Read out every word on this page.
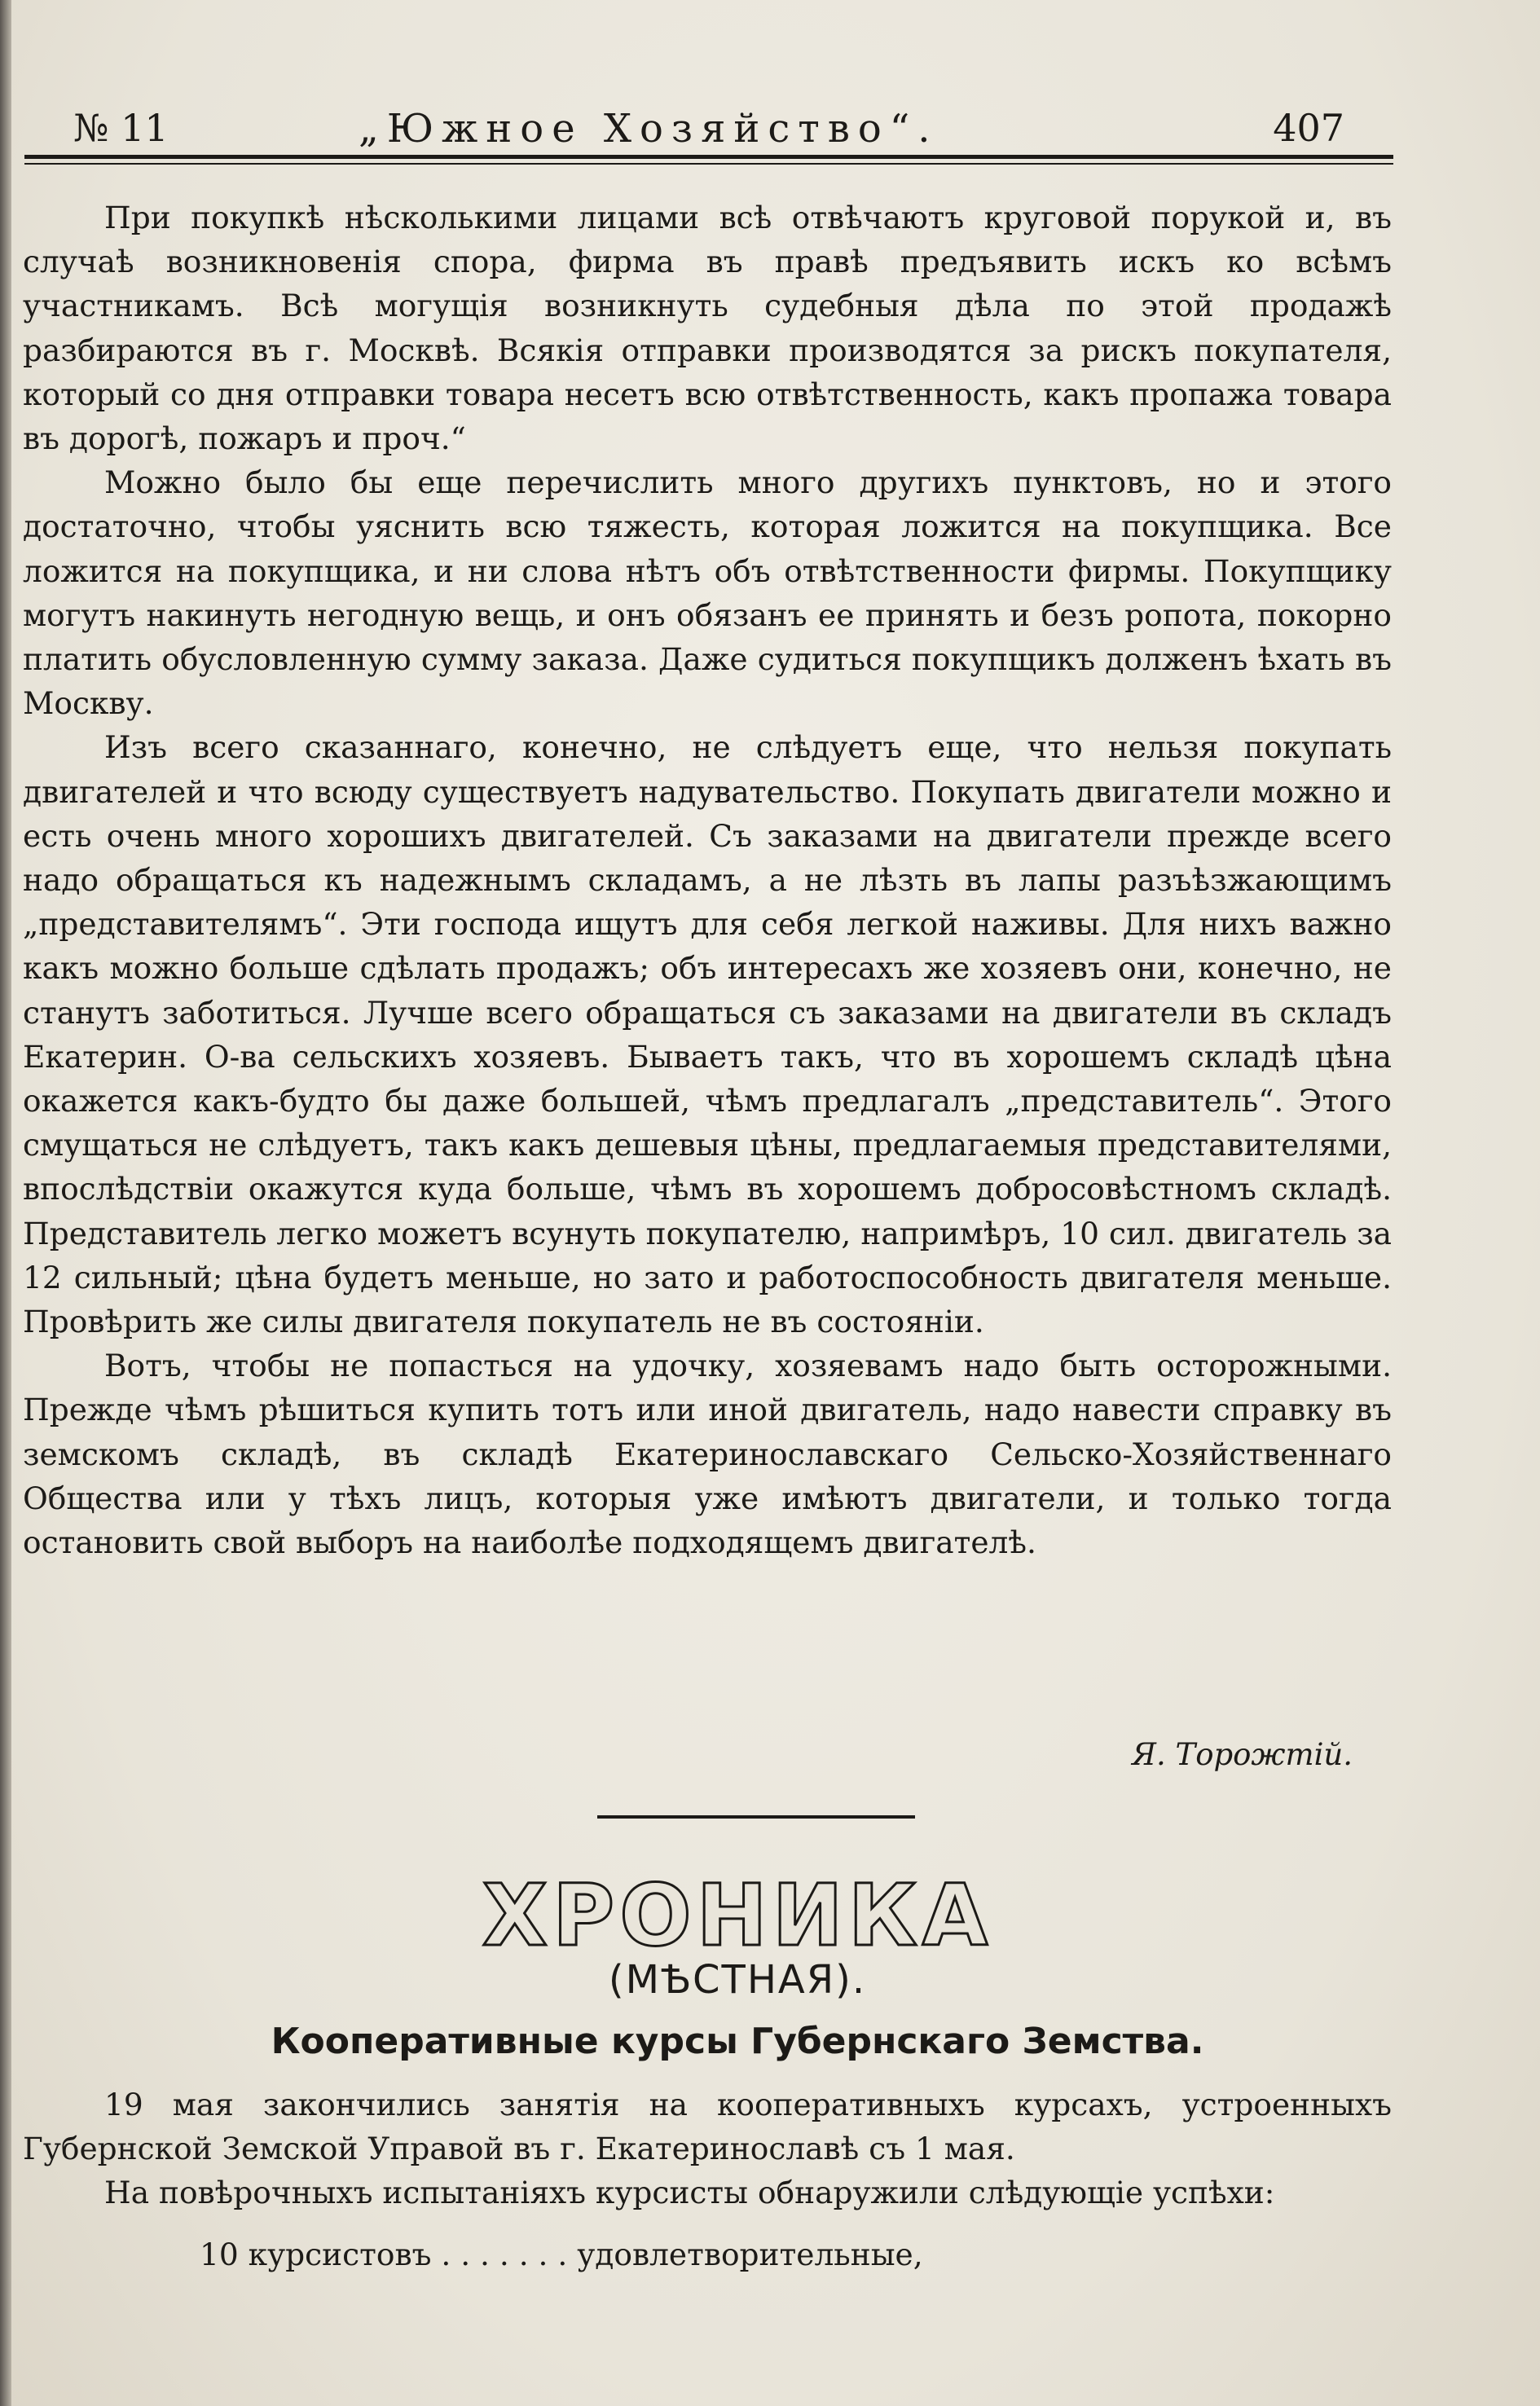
№ 11	„Южное Хозяйство“.	407

При покупкѣ нѣсколькими лицами всѣ отвѣчаютъ круговой порукой и, въ случаѣ возникновенія спора, фирма въ правѣ предъявить искъ ко всѣмъ участникамъ. Всѣ могущія возникнуть судебныя дѣла по этой продажѣ разбираются въ г. Москвѣ. Всякія отправки производятся за рискъ покупателя, который со дня отправки товара несетъ всю отвѣтственность, какъ пропажа товара въ дорогѣ, пожаръ и проч.“

Можно было бы еще перечислить много другихъ пунктовъ, но и этого достаточно, чтобы уяснить всю тяжесть, которая ложится на покупщика. Все ложится на покупщика, и ни слова нѣтъ объ отвѣтственности фирмы. Покупщику могутъ накинуть негодную вещь, и онъ обязанъ ее принять и безъ ропота, покорно платить обусловленную сумму заказа. Даже судиться покупщикъ долженъ ѣхать въ Москву.

Изъ всего сказаннаго, конечно, не слѣдуетъ еще, что нельзя покупать двигателей и что всюду существуетъ надувательство. Покупать двигатели можно и есть очень много хорошихъ двигателей. Съ заказами на двигатели прежде всего надо обращаться къ надежнымъ складамъ, а не лѣзть въ лапы разъѣзжающимъ „представителямъ“. Эти господа ищутъ для себя легкой наживы. Для нихъ важно какъ можно больше сдѣлать продажъ; объ интересахъ же хозяевъ они, конечно, не станутъ заботиться. Лучше всего обращаться съ заказами на двигатели въ складъ Екатерин. О-ва сельскихъ хозяевъ. Бываетъ такъ, что въ хорошемъ складѣ цѣна окажется какъ-будто бы даже большей, чѣмъ предлагалъ „представитель“. Этого смущаться не слѣдуетъ, такъ какъ дешевыя цѣны, предлагаемыя представителями, впослѣдствіи окажутся куда больше, чѣмъ въ хорошемъ добросовѣстномъ складѣ. Представитель легко можетъ всунуть покупателю, напримѣръ, 10 сил. двигатель за 12 сильный; цѣна будетъ меньше, но зато и работоспособность двигателя меньше. Провѣрить же силы двигателя покупатель не въ состояніи.

Вотъ, чтобы не попасться на удочку, хозяевамъ надо быть осторожными. Прежде чѣмъ рѣшиться купить тотъ или иной двигатель, надо навести справку въ земскомъ складѣ, въ складѣ Екатеринославскаго Сельско-Хозяйственнаго Общества или у тѣхъ лицъ, которыя уже имѣютъ двигатели, и только тогда остановить свой выборъ на наиболѣе подходящемъ двигателѣ.

Я. Торожтій.
ХРОНИКА
(МѢСТНАЯ).
Кооперативные курсы Губернскаго Земства.

19 мая закончились занятія на кооперативныхъ курсахъ, устроенныхъ Губернской Земской Управой въ г. Екатеринославѣ съ 1 мая.

На повѣрочныхъ испытаніяхъ курсисты обнаружили слѣдующіе успѣхи:

10 курсистовъ . . . . . . . удовлетворительные,
